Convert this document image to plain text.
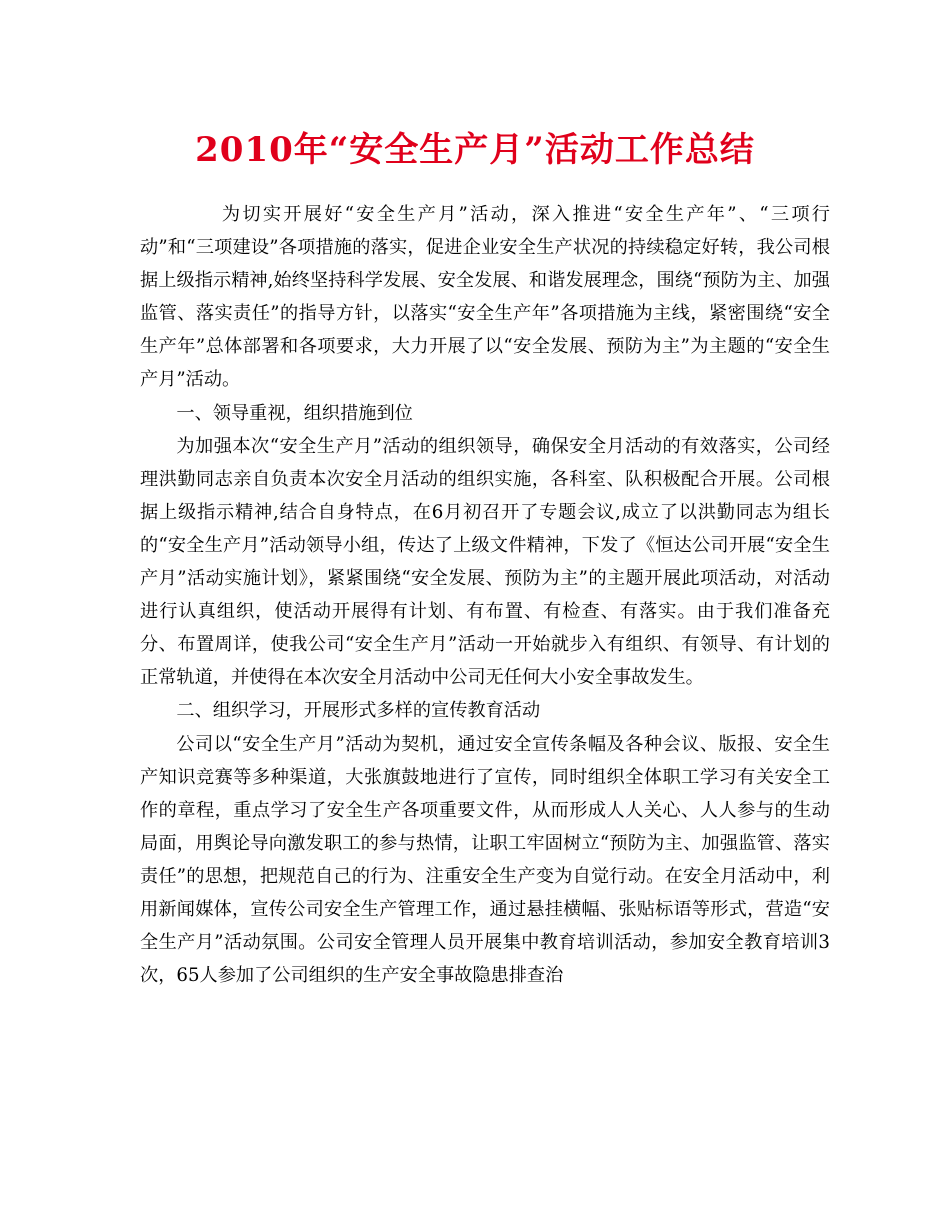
2010年“安全生产月”活动工作总结

为切实开展好“安全生产月”活动，深入推进“安全生产年”、“三项行动”和“三项建设”各项措施的落实，促进企业安全生产状况的持续稳定好转，我公司根据上级指示精神,始终坚持科学发展、安全发展、和谐发展理念，围绕“预防为主、加强监管、落实责任”的指导方针，以落实“安全生产年”各项措施为主线，紧密围绕“安全生产年”总体部署和各项要求，大力开展了以“安全发展、预防为主”为主题的“安全生产月”活动。

一、领导重视，组织措施到位

为加强本次“安全生产月”活动的组织领导，确保安全月活动的有效落实，公司经理洪勤同志亲自负责本次安全月活动的组织实施，各科室、队积极配合开展。公司根据上级指示精神,结合自身特点，在6月初召开了专题会议,成立了以洪勤同志为组长的“安全生产月”活动领导小组，传达了上级文件精神，下发了《恒达公司开展“安全生产月”活动实施计划》，紧紧围绕“安全发展、预防为主”的主题开展此项活动，对活动进行认真组织，使活动开展得有计划、有布置、有检查、有落实。由于我们准备充分、布置周详，使我公司“安全生产月”活动一开始就步入有组织、有领导、有计划的正常轨道，并使得在本次安全月活动中公司无任何大小安全事故发生。

二、组织学习，开展形式多样的宣传教育活动

公司以“安全生产月”活动为契机，通过安全宣传条幅及各种会议、版报、安全生产知识竞赛等多种渠道，大张旗鼓地进行了宣传，同时组织全体职工学习有关安全工作的章程，重点学习了安全生产各项重要文件，从而形成人人关心、人人参与的生动局面，用舆论导向激发职工的参与热情，让职工牢固树立“预防为主、加强监管、落实责任”的思想，把规范自己的行为、注重安全生产变为自觉行动。在安全月活动中，利用新闻媒体，宣传公司安全生产管理工作，通过悬挂横幅、张贴标语等形式，营造“安全生产月”活动氛围。公司安全管理人员开展集中教育培训活动，参加安全教育培训3次，65人参加了公司组织的生产安全事故隐患排查治
